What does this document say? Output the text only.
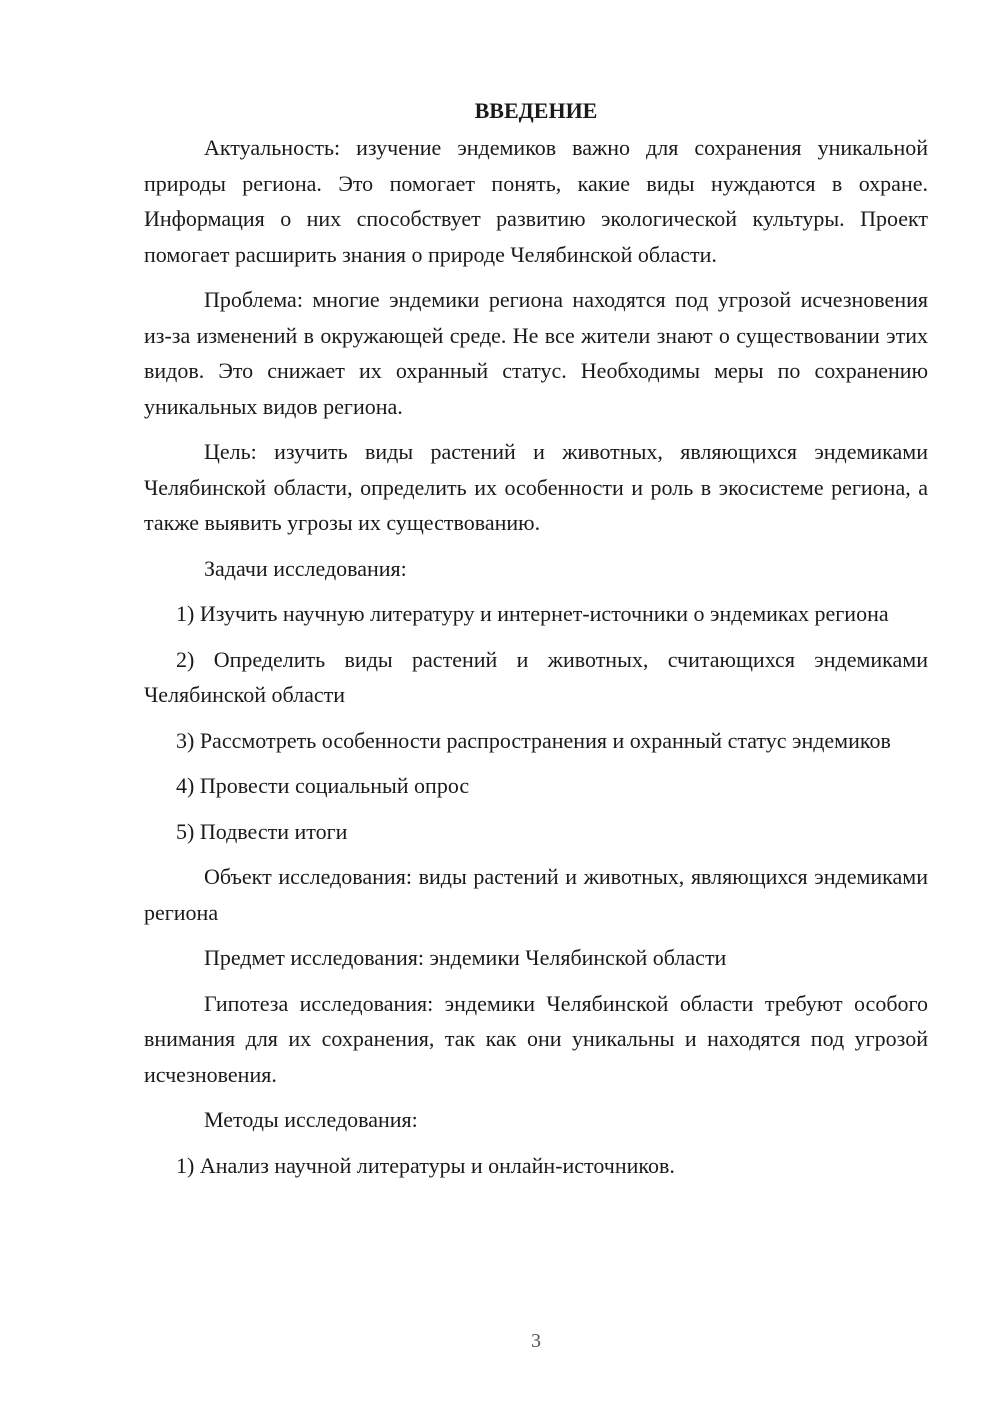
ВВЕДЕНИЕ

Актуальность: изучение эндемиков важно для сохранения уникальной природы региона. Это помогает понять, какие виды нуждаются в охране. Информация о них способствует развитию экологической культуры. Проект помогает расширить знания о природе Челябинской области.

Проблема: многие эндемики региона находятся под угрозой исчезновения из-за изменений в окружающей среде. Не все жители знают о существовании этих видов. Это снижает их охранный статус. Необходимы меры по сохранению уникальных видов региона.

Цель: изучить виды растений и животных, являющихся эндемиками Челябинской области, определить их особенности и роль в экосистеме региона, а также выявить угрозы их существованию.

Задачи исследования:

1) Изучить научную литературу и интернет-источники о эндемиках региона

2) Определить виды растений и животных, считающихся эндемиками Челябинской области

3) Рассмотреть особенности распространения и охранный статус эндемиков

4) Провести социальный опрос

5) Подвести итоги

Объект исследования: виды растений и животных, являющихся эндемиками региона

Предмет исследования: эндемики Челябинской области

Гипотеза исследования: эндемики Челябинской области требуют особого внимания для их сохранения, так как они уникальны и находятся под угрозой исчезновения.

Методы исследования:

1) Анализ научной литературы и онлайн-источников.

3
